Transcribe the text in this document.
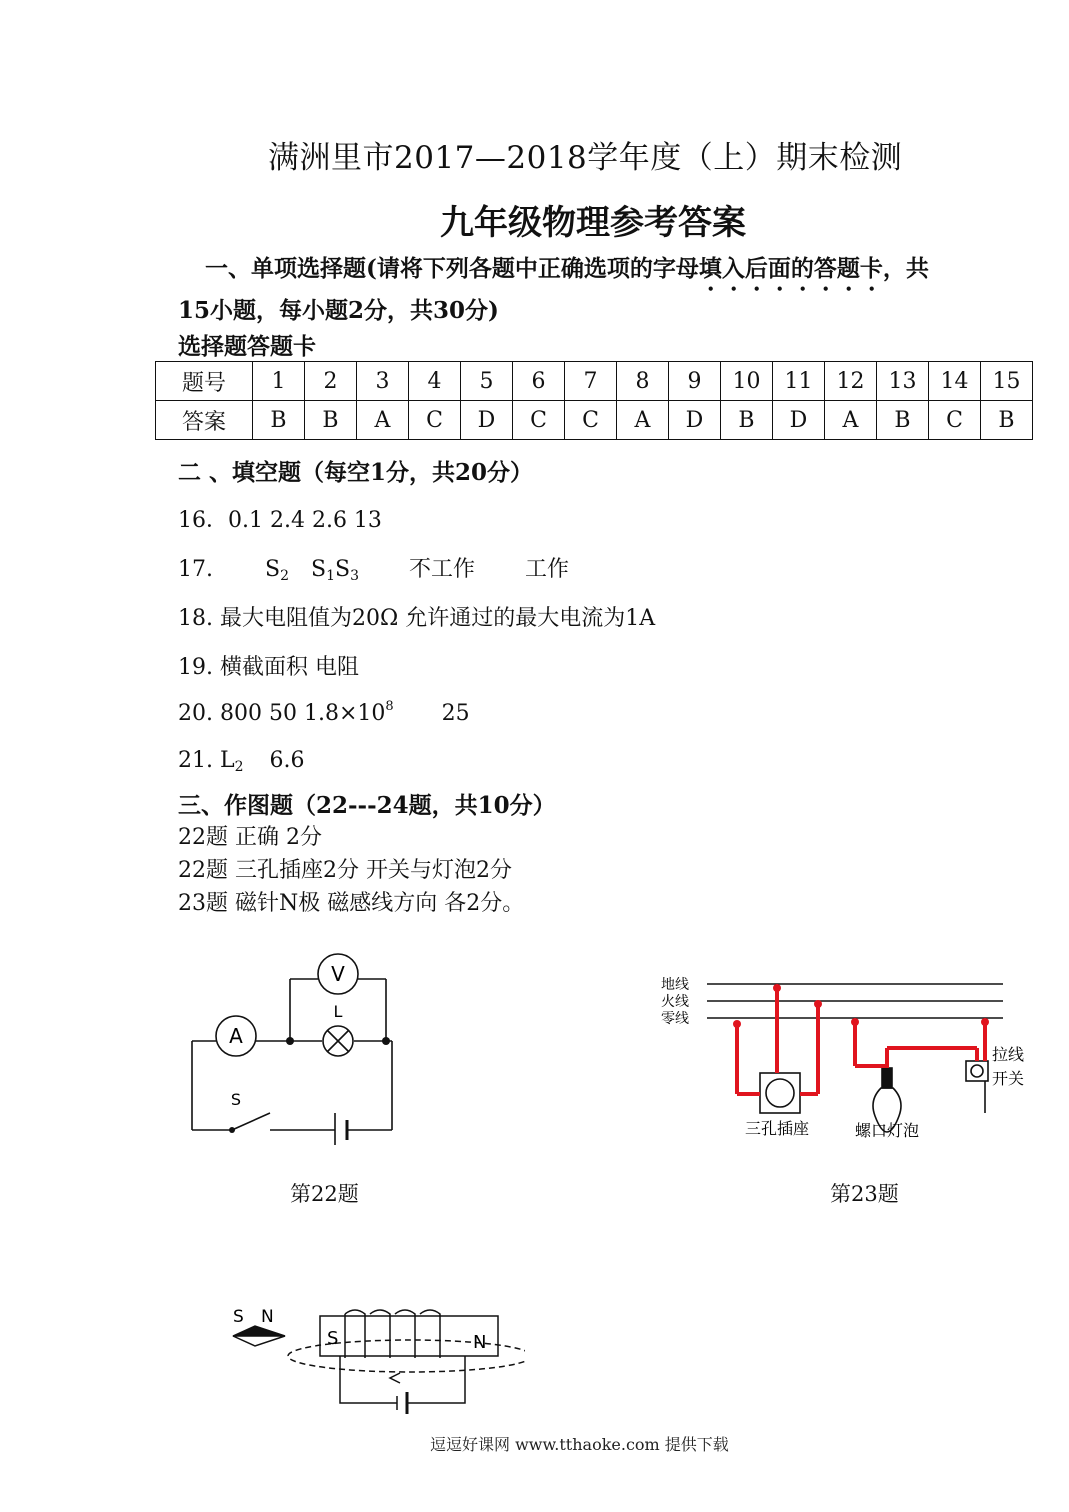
满洲里市2017—2018学年度（上）期末检测
九年级物理参考答案
一、单项选择题(请将下列各题中正确选项的字母填入后面的答题卡，共
15小题，每小题2分，共30分)
选择题答题卡
题号	1	2	3	4	5	6	7	8	9	10	11	12	13	14	15
答案	B	B	A	C	D	C	C	A	D	B	D	A	B	C	B
二 、填空题（每空1分，共20分）
16．0.1 2.4 2.6 13
17. $S_2$ $S_1S_3$ 不工作 工作
18. 最大电阻值为20Ω 允许通过的最大电流为1A
19. 横截面积 电阻
20. 800 50 $1.8\times 10^8$ 25
21. $L_2$ 6.6
三、作图题（22---24题，共10分）
22题 正确 2分
22题 三孔插座2分 开关与灯泡2分
23题 磁针N极 磁感线方向 各2分。
V
A
L
S
第22题
地线
火线
零线
三孔插座	螺口灯泡
拉线
开关
第23题
S N
S	N
逗逗好课网 www.tthaoke.com 提供下载
